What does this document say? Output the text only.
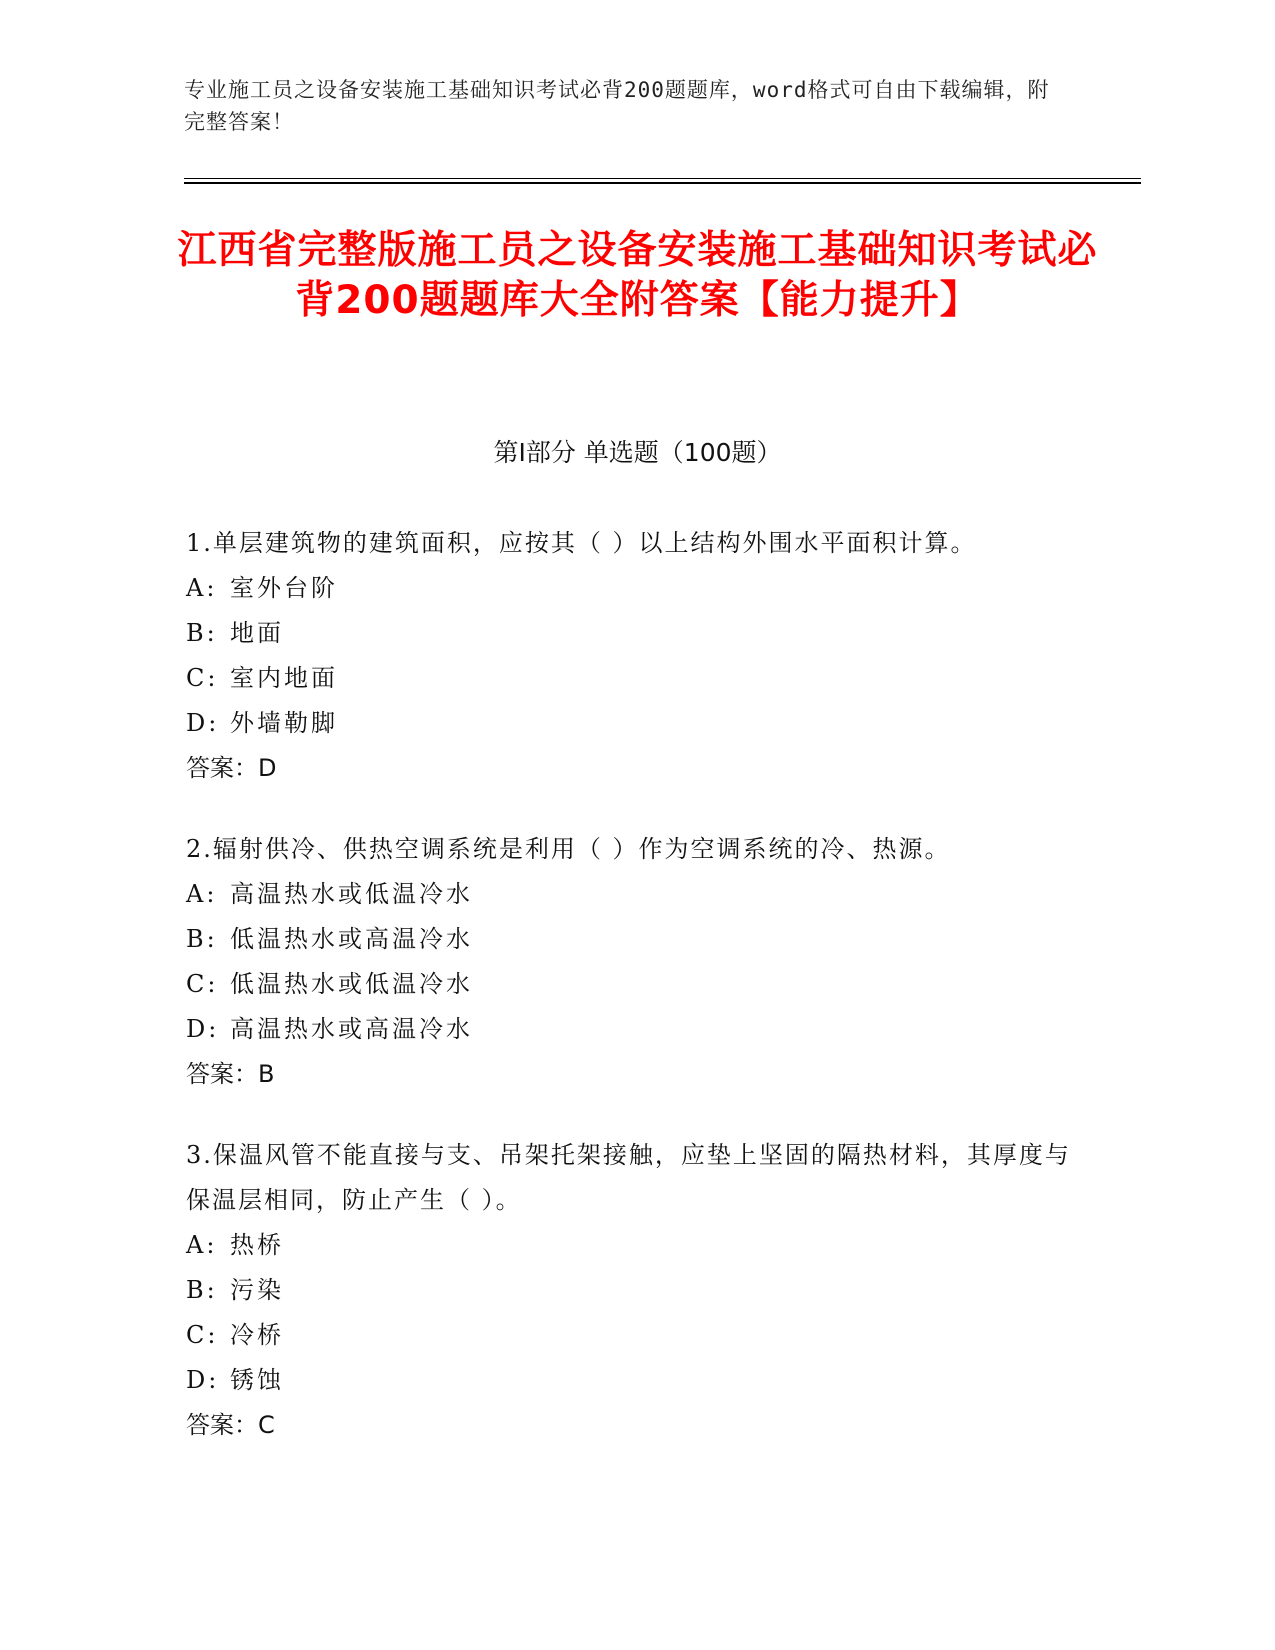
专业施工员之设备安装施工基础知识考试必背200题题库，word格式可自由下载编辑，附完整答案！
江西省完整版施工员之设备安装施工基础知识考试必背200题题库大全附答案【能力提升】
第I部分 单选题（100题）
1.单层建筑物的建筑面积，应按其（ ）以上结构外围水平面积计算。
A: 室外台阶
B: 地面
C: 室内地面
D: 外墙勒脚
答案：D
2.辐射供冷、供热空调系统是利用（ ）作为空调系统的冷、热源。
A: 高温热水或低温冷水
B: 低温热水或高温冷水
C: 低温热水或低温冷水
D: 高温热水或高温冷水
答案：B
3.保温风管不能直接与支、吊架托架接触，应垫上坚固的隔热材料，其厚度与保温层相同，防止产生（ ）。
A: 热桥
B: 污染
C: 冷桥
D: 锈蚀
答案：C
